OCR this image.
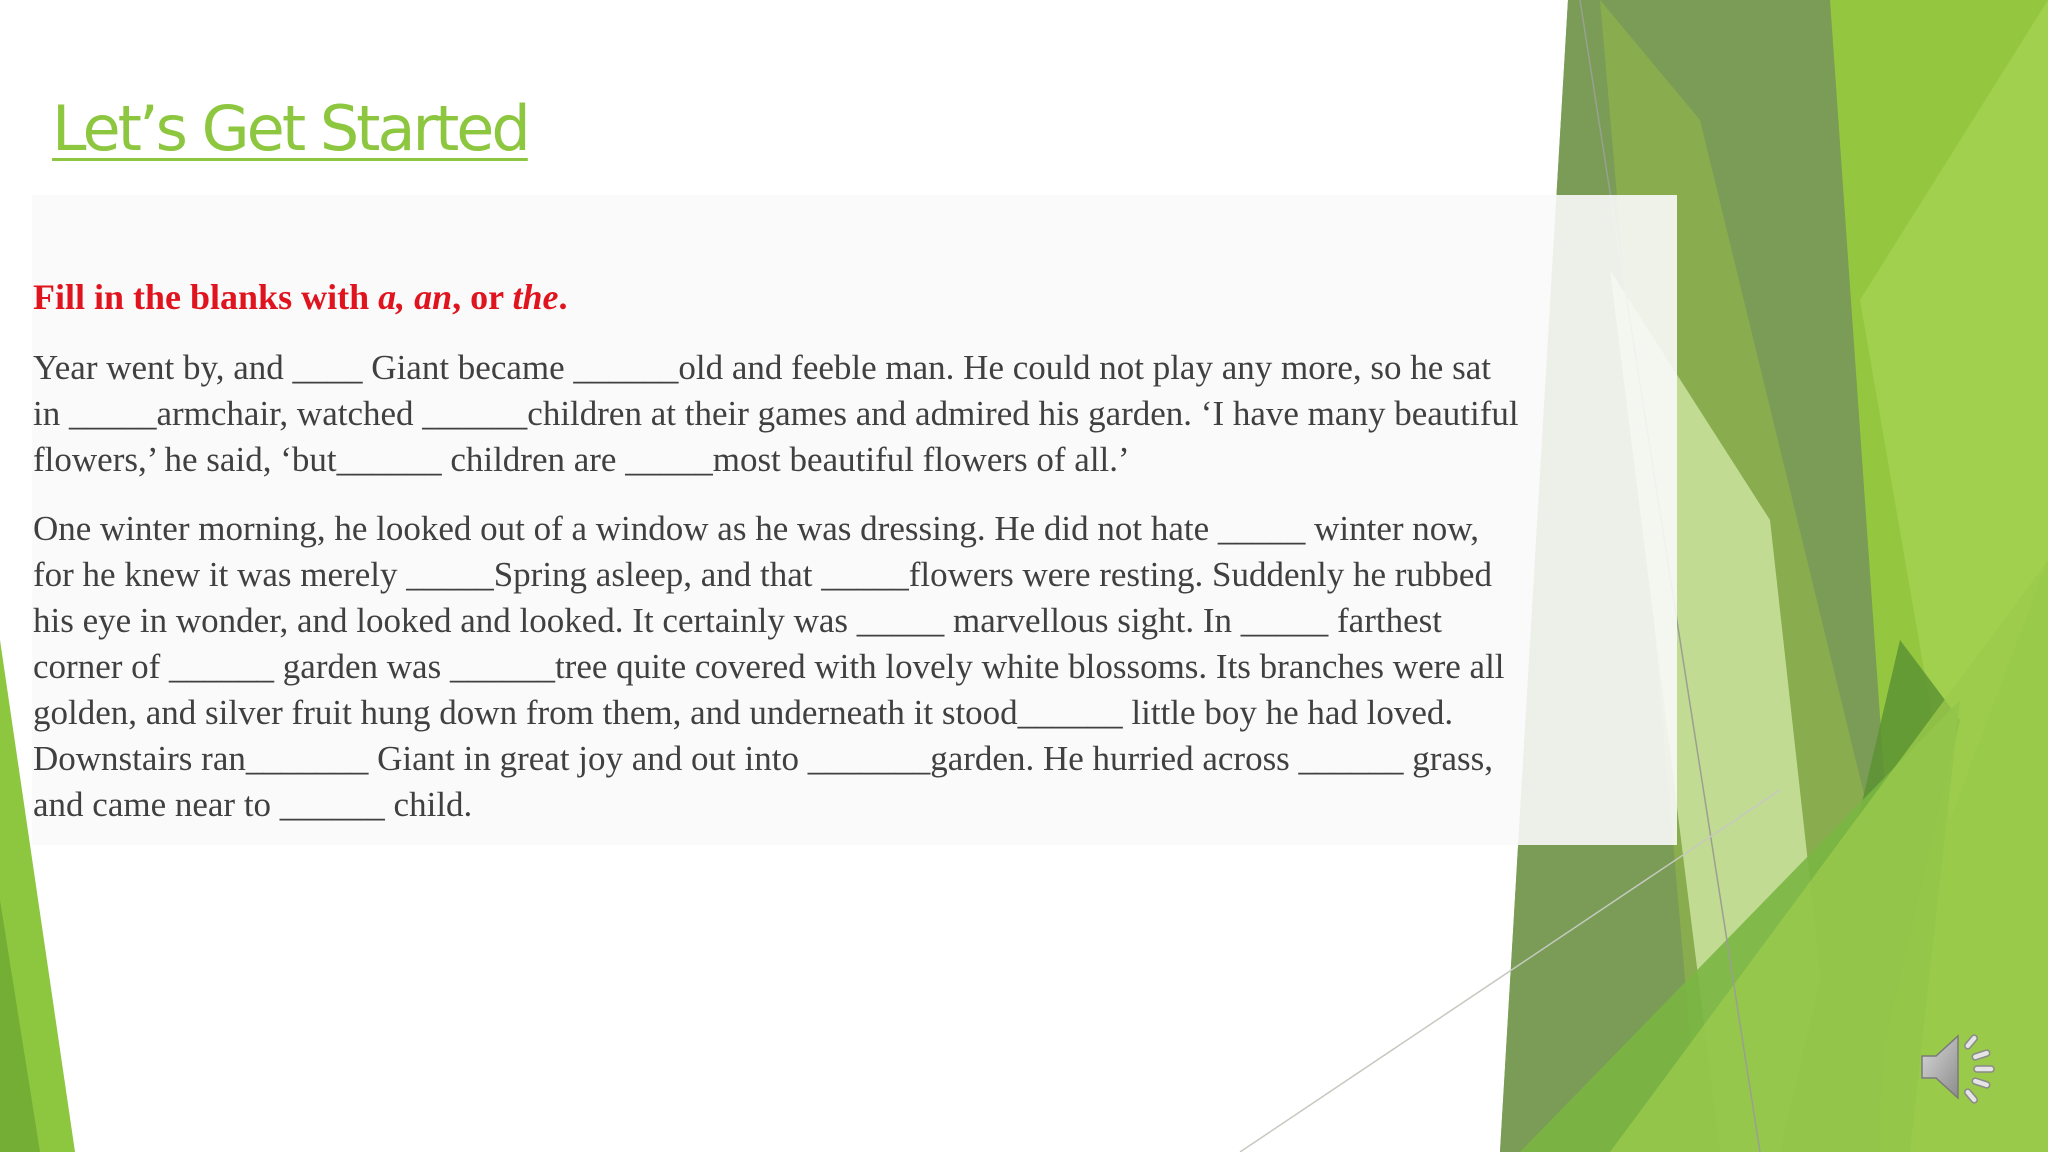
Let’s Get Started

Fill in the blanks with a, an, or the.

Year went by, and ____ Giant became ______old and feeble man. He could not play any more, so he sat
in _____armchair, watched ______children at their games and admired his garden. ‘I have many beautiful
flowers,’ he said, ‘but______ children are _____most beautiful flowers of all.’

One winter morning, he looked out of a window as he was dressing. He did not hate _____ winter now,
for he knew it was merely _____Spring asleep, and that _____flowers were resting. Suddenly he rubbed
his eye in wonder, and looked and looked. It certainly was _____ marvellous sight. In _____ farthest
corner of ______ garden was ______tree quite covered with lovely white blossoms. Its branches were all
golden, and silver fruit hung down from them, and underneath it stood______ little boy he had loved.
Downstairs ran_______ Giant in great joy and out into _______garden. He hurried across ______ grass,
and came near to ______ child.
